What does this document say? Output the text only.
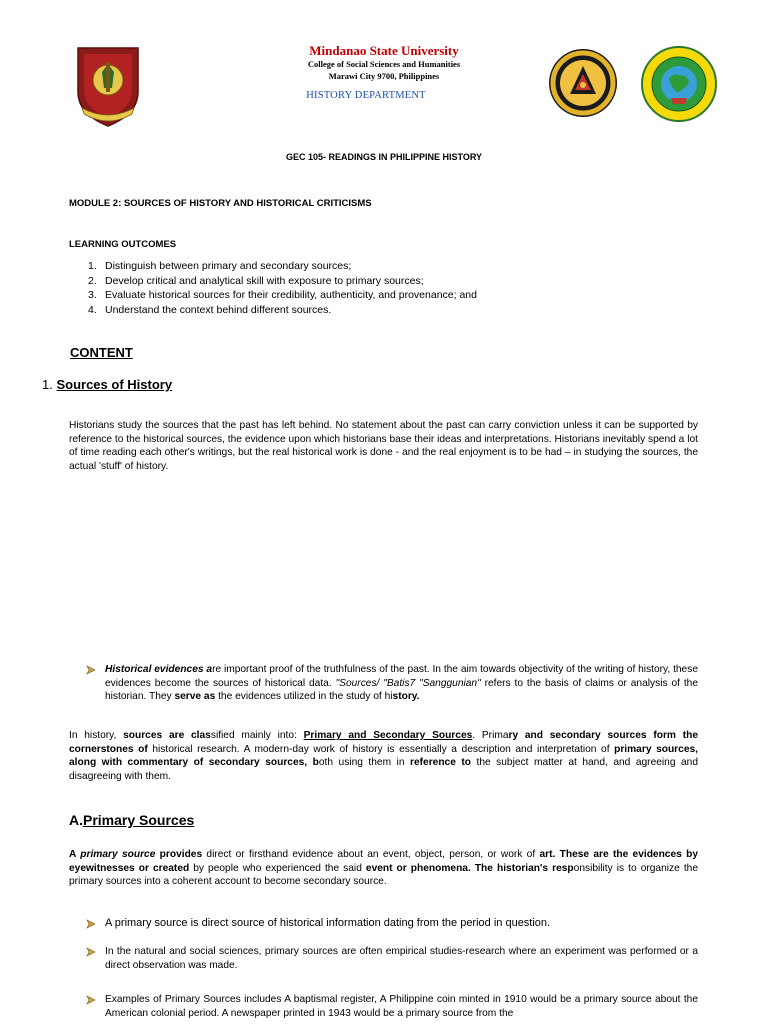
Mindanao State University
College of Social Sciences and Humanities
Marawi City 9700, Philippines
HISTORY DEPARTMENT
GEC 105- READINGS IN PHILIPPINE HISTORY
MODULE 2: SOURCES OF HISTORY AND HISTORICAL CRITICISMS
LEARNING OUTCOMES
1. Distinguish between primary and secondary sources;
2. Develop critical and analytical skill with exposure to primary sources;
3. Evaluate historical sources for their credibility, authenticity, and provenance; and
4. Understand the context behind different sources.
CONTENT
1. Sources of History
Historians study the sources that the past has left behind. No statement about the past can carry conviction unless it can be supported by reference to the historical sources, the evidence upon which historians base their ideas and interpretations. Historians inevitably spend a lot of time reading each other's writings, but the real historical work is done - and the real enjoyment is to be had – in studying the sources, the actual 'stuff' of history.
Historical evidences are important proof of the truthfulness of the past. In the aim towards objectivity of the writing of history, these evidences become the sources of historical data. "Sources/ "Batis7 "Sanggunian" refers to the basis of claims or analysis of the historian. They serve as the evidences utilized in the study of history.
In history, sources are classified mainly into: Primary and Secondary Sources. Primary and secondary sources form the cornerstones of historical research. A modern-day work of history is essentially a description and interpretation of primary sources, along with commentary of secondary sources, both using them in reference to the subject matter at hand, and agreeing and disagreeing with them.
A.Primary Sources
A primary source provides direct or firsthand evidence about an event, object, person, or work of art. These are the evidences by eyewitnesses or created by people who experienced the said event or phenomena. The historian's responsibility is to organize the primary sources into a coherent account to become secondary source.
A primary source is direct source of historical information dating from the period in question.
In the natural and social sciences, primary sources are often empirical studies-research where an experiment was performed or a direct observation was made.
Examples of Primary Sources includes A baptismal register, A Philippine coin minted in 1910 would be a primary source about the American colonial period. A newspaper printed in 1943 would be a primary source from the
